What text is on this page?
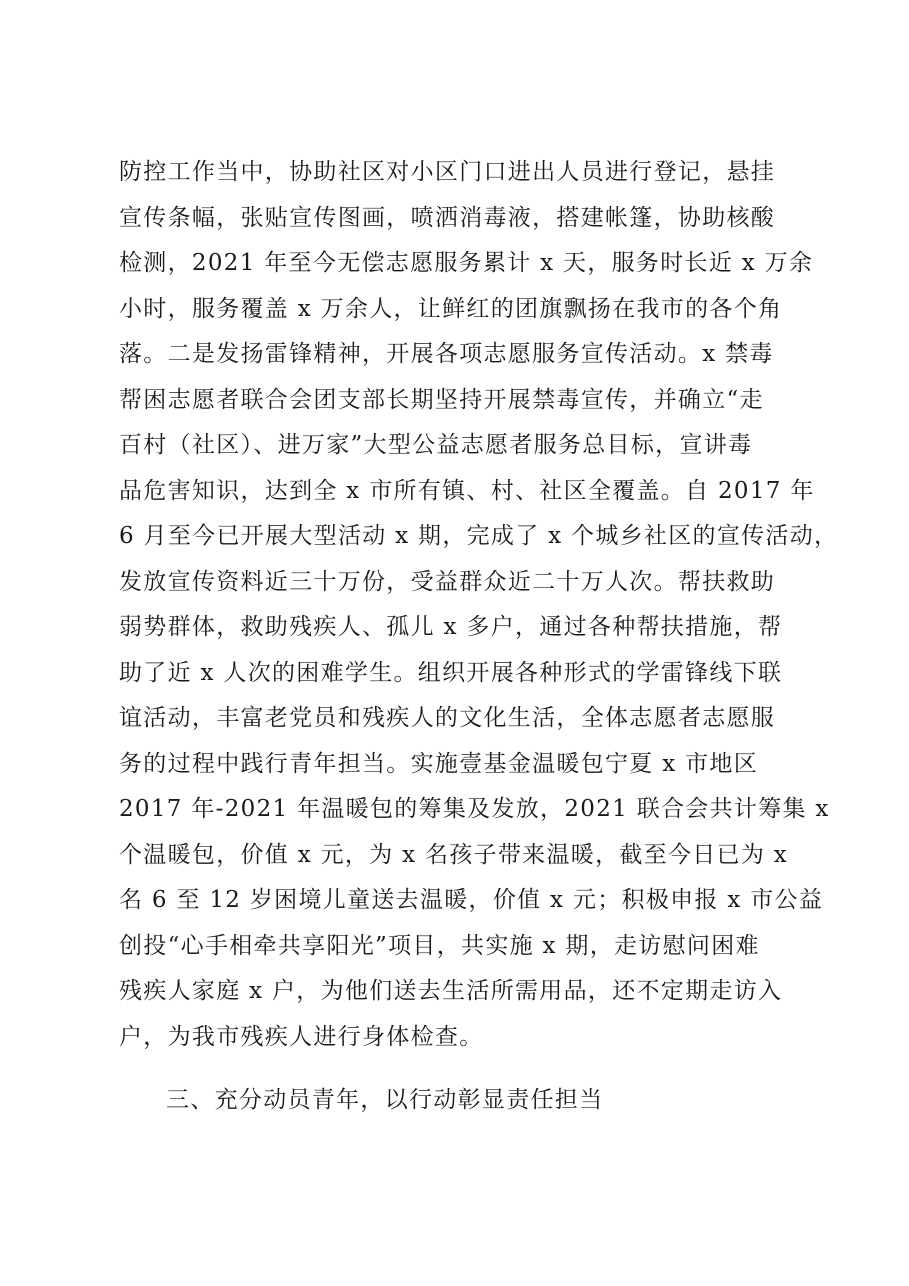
防控工作当中，协助社区对小区门口进出人员进行登记，悬挂
宣传条幅，张贴宣传图画，喷洒消毒液，搭建帐篷，协助核酸
检测，2021 年至今无偿志愿服务累计 x 天，服务时长近 x 万余
小时，服务覆盖 x 万余人，让鲜红的团旗飘扬在我市的各个角
落。二是发扬雷锋精神，开展各项志愿服务宣传活动。x 禁毒
帮困志愿者联合会团支部长期坚持开展禁毒宣传，并确立“走
百村（社区）、进万家”大型公益志愿者服务总目标，宣讲毒
品危害知识，达到全 x 市所有镇、村、社区全覆盖。自 2017 年
6 月至今已开展大型活动 x 期，完成了 x 个城乡社区的宣传活动，
发放宣传资料近三十万份，受益群众近二十万人次。帮扶救助
弱势群体，救助残疾人、孤儿 x 多户，通过各种帮扶措施，帮
助了近 x 人次的困难学生。组织开展各种形式的学雷锋线下联
谊活动，丰富老党员和残疾人的文化生活，全体志愿者志愿服
务的过程中践行青年担当。实施壹基金温暖包宁夏 x 市地区
2017 年-2021 年温暖包的筹集及发放，2021 联合会共计筹集 x
个温暖包，价值 x 元，为 x 名孩子带来温暖，截至今日已为 x
名 6 至 12 岁困境儿童送去温暖，价值 x 元；积极申报 x 市公益
创投“心手相牵共享阳光”项目，共实施 x 期，走访慰问困难
残疾人家庭 x 户，为他们送去生活所需用品，还不定期走访入
户，为我市残疾人进行身体检查。
三、充分动员青年，以行动彰显责任担当
